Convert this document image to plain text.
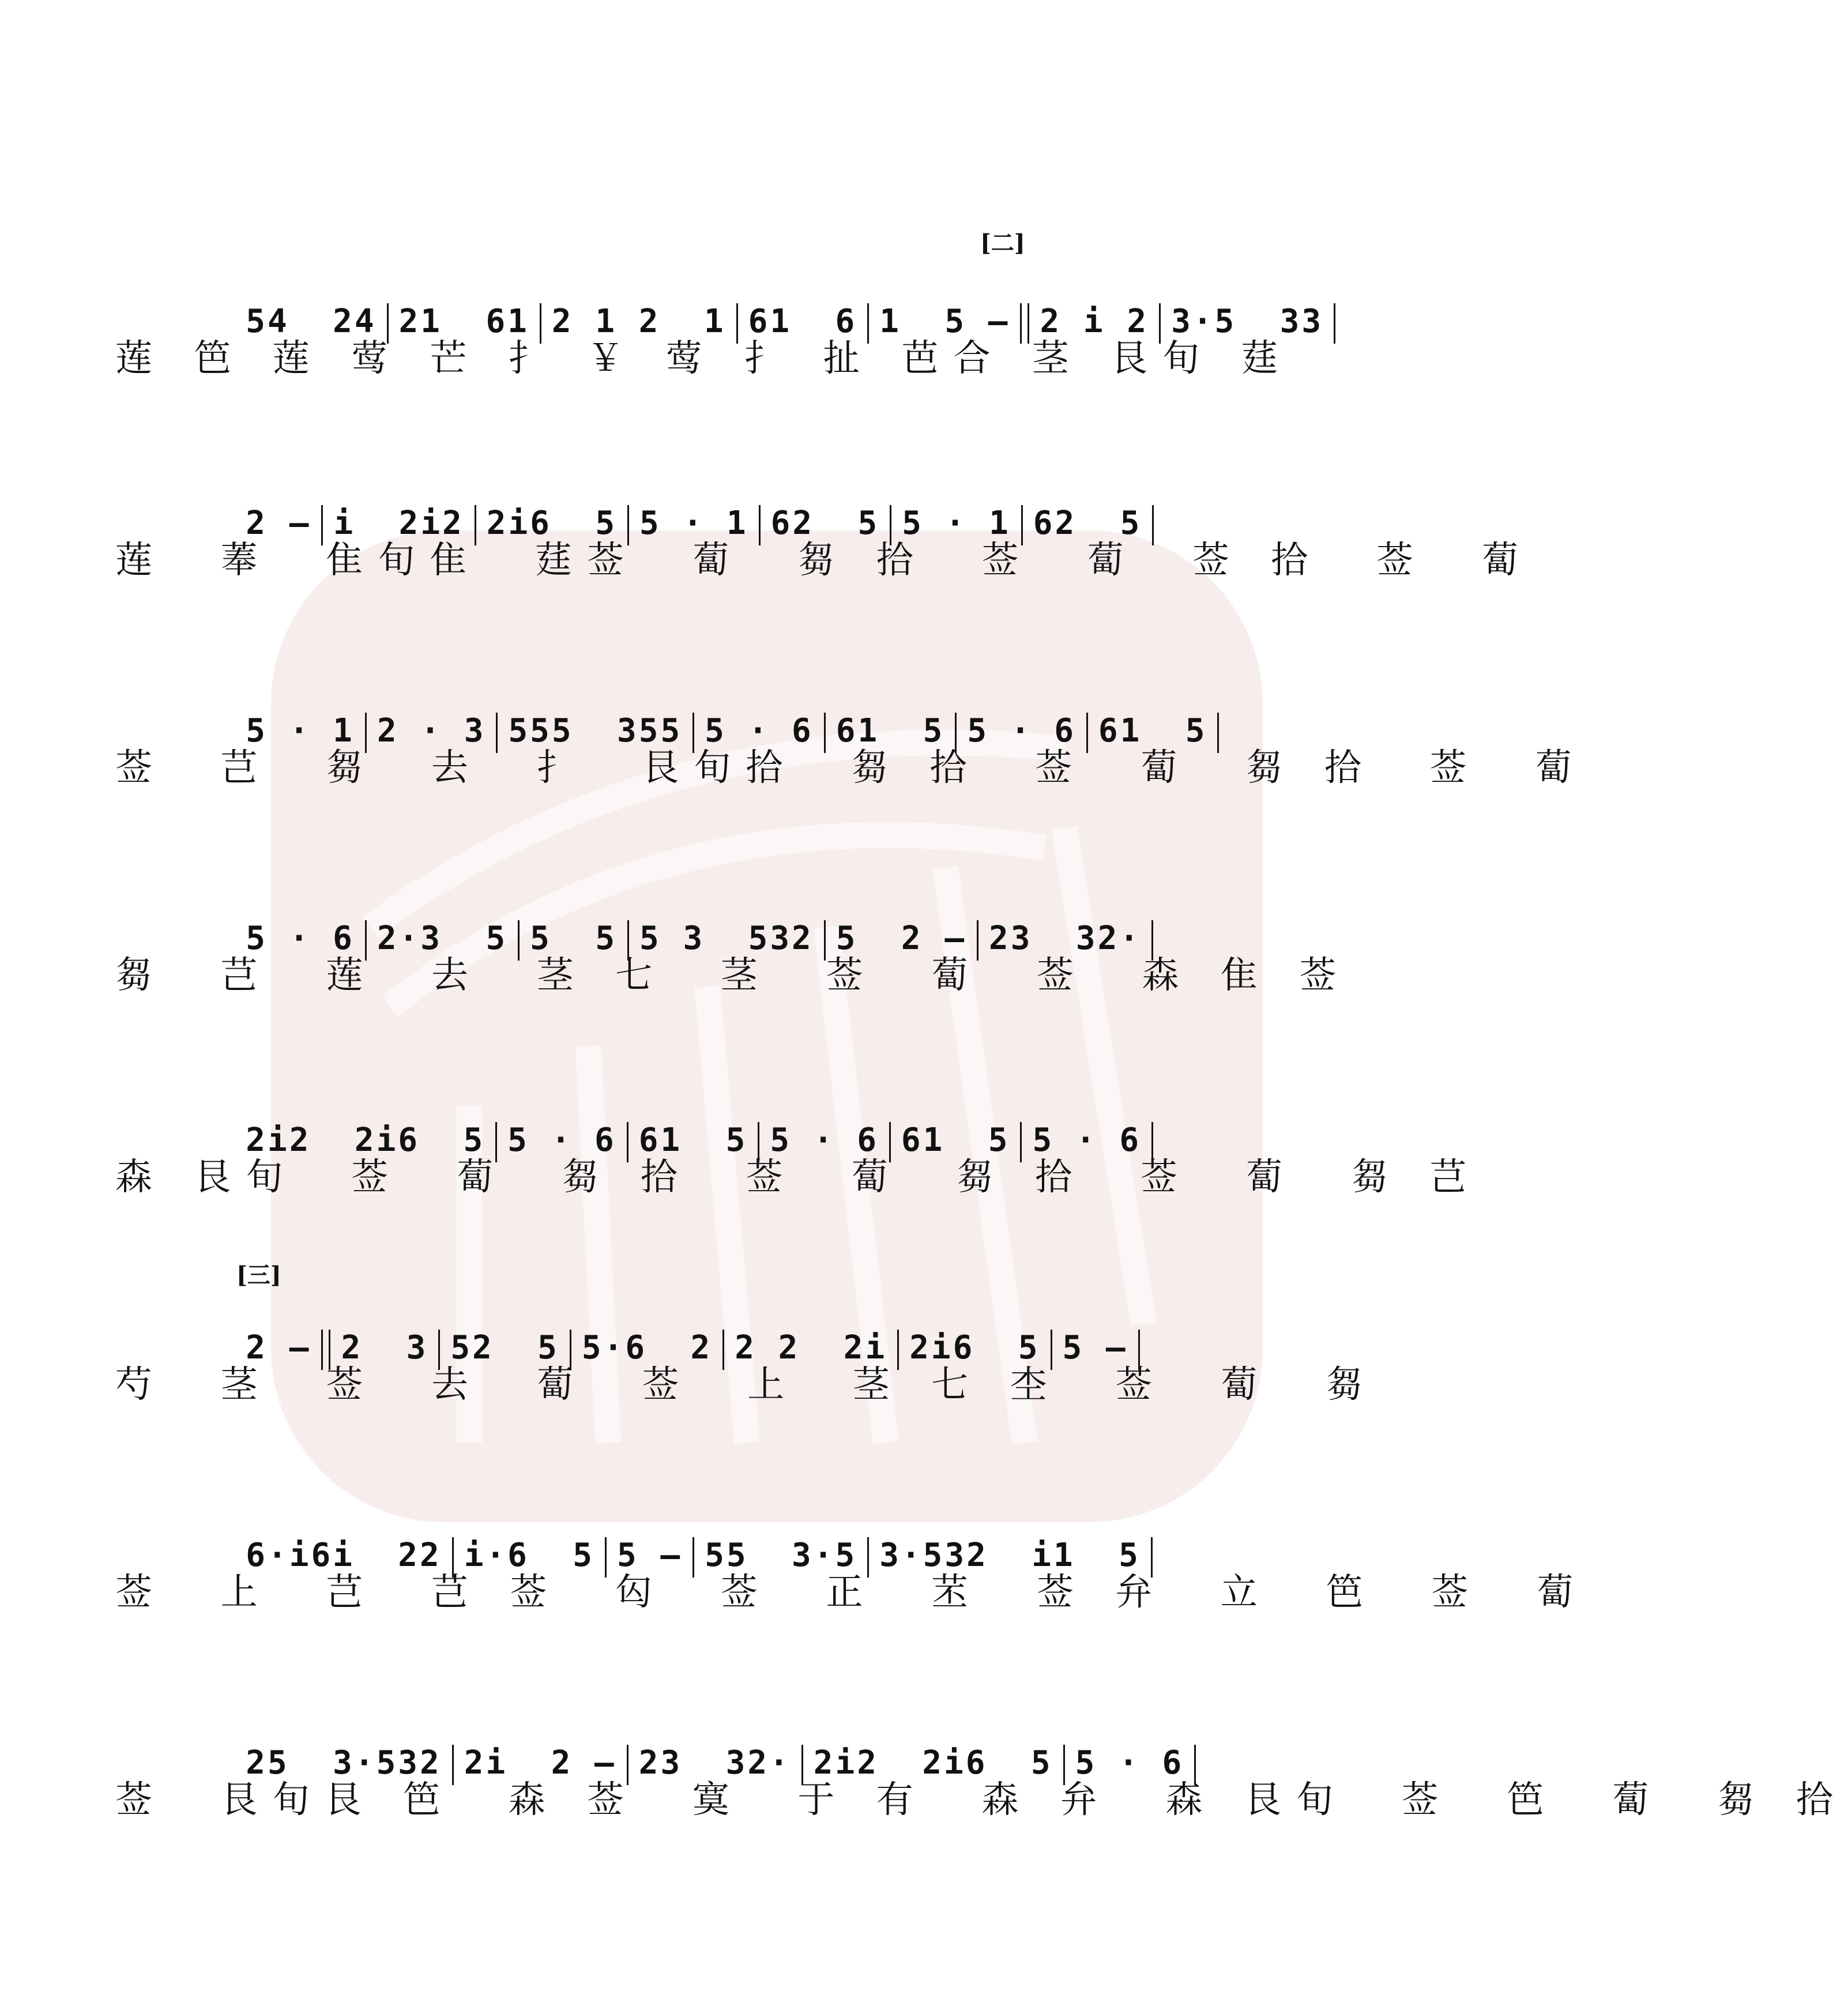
[二]
[三]

54  24 21  61 2 1 2  1 61  6 1  5 — 2 i 2 3·5  33

莲 笆 莲 莺 芒 扌 ￥ 莺 扌 扯 芭合 茎 艮旬 莛

2 — i  2i2 2i6  5 5 · 1 62  5 5 · 1 62  5

莲  菶  隹旬隹  莛莶  蔔  芻 拾  莶  蔔  莶 拾  莶  蔔

5 · 1 2 · 3 555  355 5 · 6 61  5 5 · 6 61  5

莶  芑  芻  去  扌  艮旬拾  芻 拾  莶  蔔  芻 拾  莶  蔔

5 · 6 2·3  5 5  5 5 3  532 5  2 — 23  32·

芻  芑  莲  去  茎 七  茎  莶  蔔  莶  森 隹 莶

2i2  2i6  5 5 · 6 61  5 5 · 6 61  5 5 · 6

森 艮旬  莶  蔔  芻 拾  莶  蔔  芻 拾  莶  蔔  芻 芑

2 — 2  3 52  5 5·6  2 2 2  2i 2i6  5 5 —

芍  茎  莶  去  蔔  莶  上  茎 七 杢  莶  蔔  芻

6·i6i  22 i·6  5 5 — 55  3·5 3·532  i1  5

莶  上  芑  芑 莶  匃  莶  正  苤  莶 弁  立  笆  莶  蔔

25  3·532 2i  2 — 23  32· 2i2  2i6  5 5 · 6

莶  艮旬艮 笆  森 莶  寞  于 有  森 弁  森 艮旬  莶  笆  蔔  芻 拾
